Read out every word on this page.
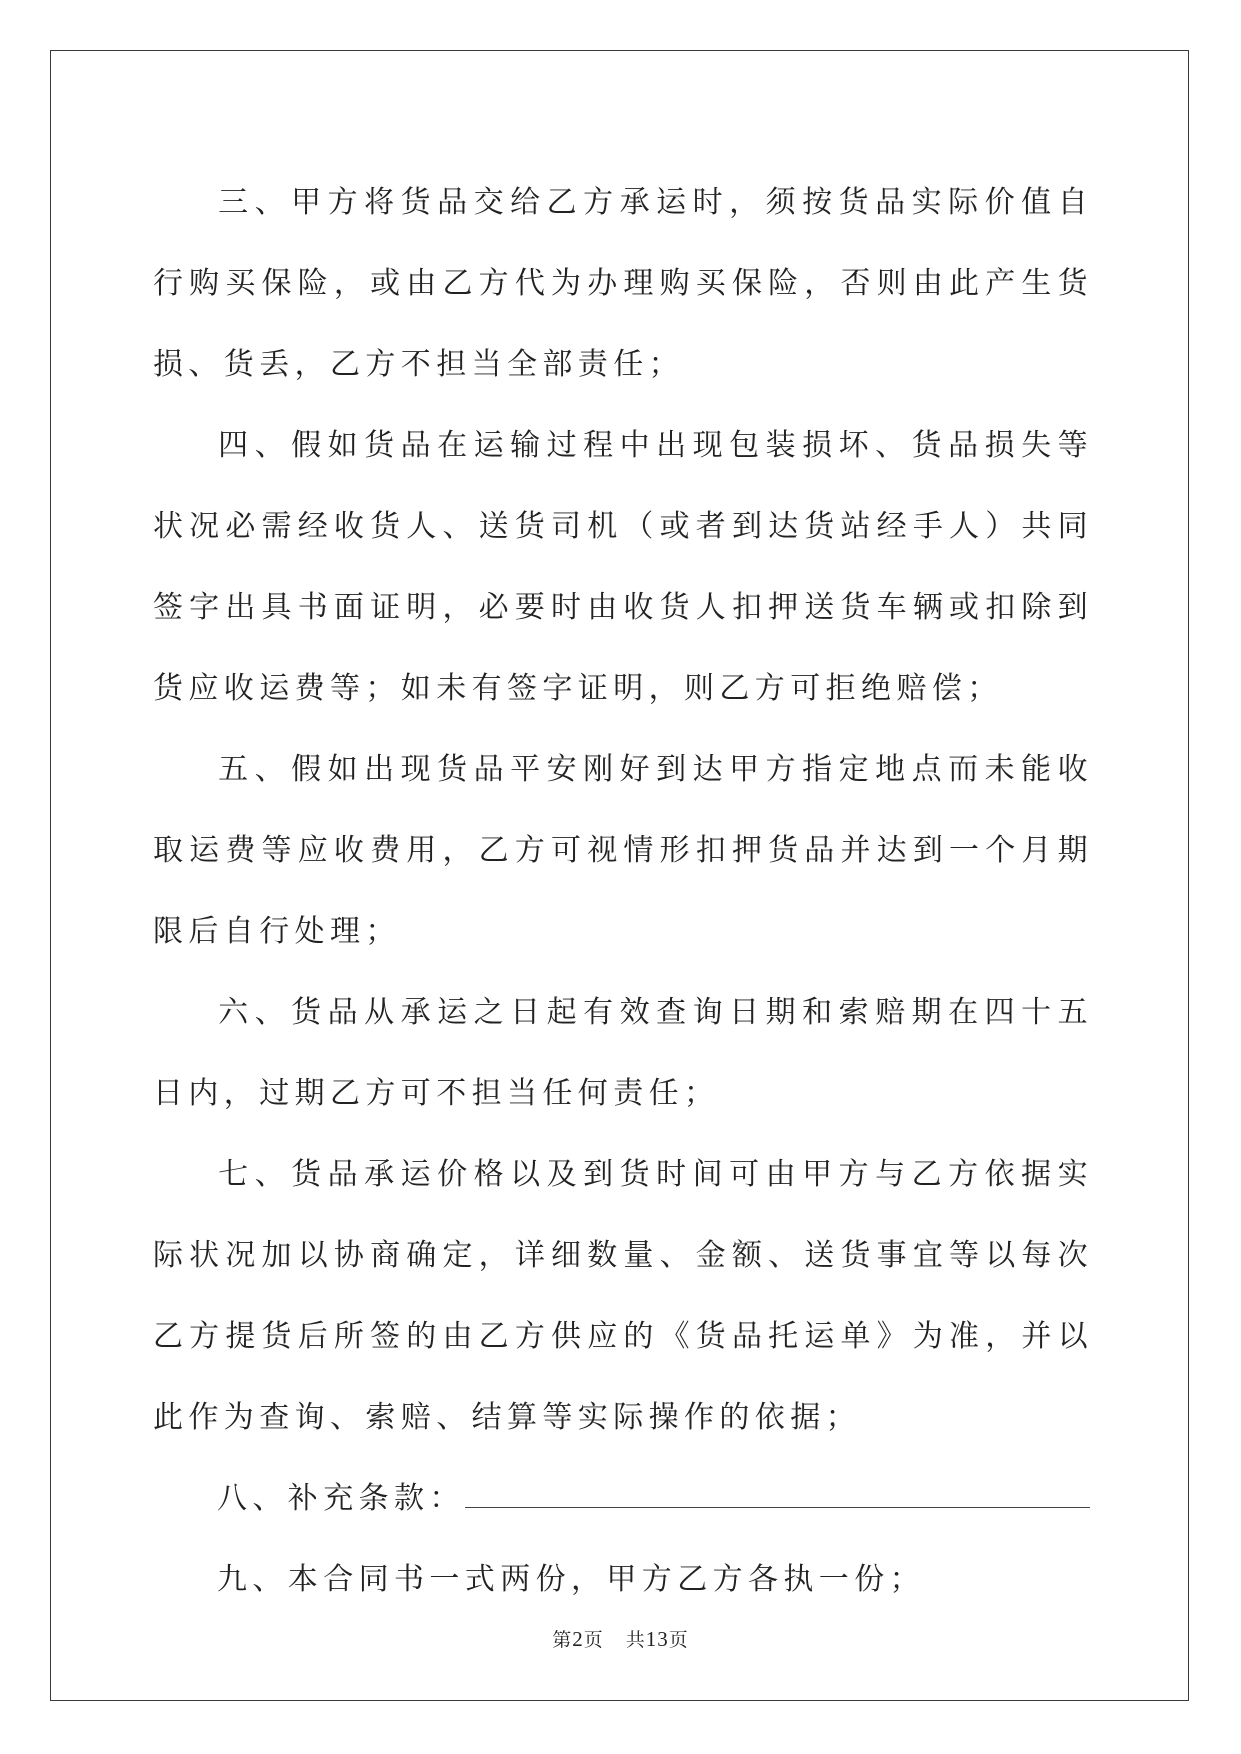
三、甲方将货品交给乙方承运时，须按货品实际价值自行购买保险，或由乙方代为办理购买保险，否则由此产生货损、货丢，乙方不担当全部责任；

四、假如货品在运输过程中出现包装损坏、货品损失等状况必需经收货人、送货司机（或者到达货站经手人）共同签字出具书面证明，必要时由收货人扣押送货车辆或扣除到货应收运费等；如未有签字证明，则乙方可拒绝赔偿；

五、假如出现货品平安刚好到达甲方指定地点而未能收取运费等应收费用，乙方可视情形扣押货品并达到一个月期限后自行处理；

六、货品从承运之日起有效查询日期和索赔期在四十五日内，过期乙方可不担当任何责任；

七、货品承运价格以及到货时间可由甲方与乙方依据实际状况加以协商确定，详细数量、金额、送货事宜等以每次乙方提货后所签的由乙方供应的《货品托运单》为准，并以此作为查询、索赔、结算等实际操作的依据；

八、补充条款：

九、本合同书一式两份，甲方乙方各执一份；

第2页 共13页
